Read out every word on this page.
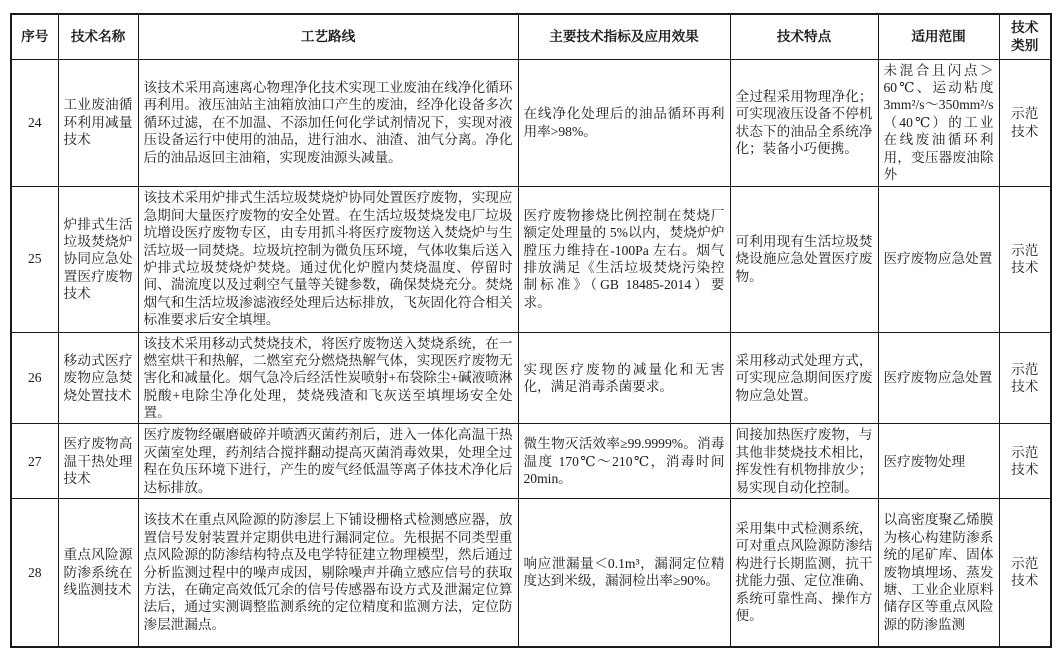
序号	技术名称	工艺路线	主要技术指标及应用效果	技术特点	适用范围	技术类别
24	工业废油循环利用减量技术	该技术采用高速离心物理净化技术实现工业废油在线净化循环再利用。液压油站主油箱放油口产生的废油，经净化设备多次循环过滤，在不加温、不添加任何化学试剂情况下，实现对液压设备运行中使用的油品，进行油水、油渣、油气分离。净化后的油品返回主油箱，实现废油源头减量。	在线净化处理后的油品循环再利用率>98%。	全过程采用物理净化；可实现液压设备不停机状态下的油品全系统净化；装备小巧便携。	未混合且闪点＞60℃、运动粘度3mm²/s～350mm²/s（40℃）的工业在线废油循环利用，变压器废油除外	示范技术
25	炉排式生活垃圾焚烧炉协同应急处置医疗废物技术	该技术采用炉排式生活垃圾焚烧炉协同处置医疗废物，实现应急期间大量医疗废物的安全处置。在生活垃圾焚烧发电厂垃圾坑增设医疗废物专区，由专用抓斗将医疗废物送入焚烧炉与生活垃圾一同焚烧。垃圾坑控制为微负压环境，气体收集后送入炉排式垃圾焚烧炉焚烧。通过优化炉膛内焚烧温度、停留时间、湍流度以及过剩空气量等关键参数，确保焚烧充分。焚烧烟气和生活垃圾渗滤液经处理后达标排放，飞灰固化符合相关标准要求后安全填埋。	医疗废物掺烧比例控制在焚烧厂额定处理量的 5%以内，焚烧炉炉膛压力维持在-100Pa 左右。烟气排放满足《生活垃圾焚烧污染控制标准》（GB 18485-2014）要求。	可利用现有生活垃圾焚烧设施应急处置医疗废物。	医疗废物应急处置	示范技术
26	移动式医疗废物应急焚烧处置技术	该技术采用移动式焚烧技术，将医疗废物送入焚烧系统，在一燃室烘干和热解，二燃室充分燃烧热解气体，实现医疗废物无害化和减量化。烟气急冷后经活性炭喷射+布袋除尘+碱液喷淋脱酸+电除尘净化处理，焚烧残渣和飞灰送至填埋场安全处置。	实现医疗废物的减量化和无害化，满足消毒杀菌要求。	采用移动式处理方式，可实现应急期间医疗废物应急处置。	医疗废物应急处置	示范技术
27	医疗废物高温干热处理技术	医疗废物经碾磨破碎并喷洒灭菌药剂后，进入一体化高温干热灭菌室处理，药剂结合搅拌翻动提高灭菌消毒效果，处理全过程在负压环境下进行，产生的废气经低温等离子体技术净化后达标排放。	微生物灭活效率≥99.9999%。消毒温度 170℃～210℃，消毒时间 20min。	间接加热医疗废物，与其他非焚烧技术相比，挥发性有机物排放少；易实现自动化控制。	医疗废物处理	示范技术
28	重点风险源防渗系统在线监测技术	该技术在重点风险源的防渗层上下铺设栅格式检测感应器，放置信号发射装置并定期供电进行漏洞定位。先根据不同类型重点风险源的防渗结构特点及电学特征建立物理模型，然后通过分析监测过程中的噪声成因，剔除噪声并确立感应信号的获取方法，在确定高效低冗余的信号传感器布设方式及泄漏定位算法后，通过实测调整监测系统的定位精度和监测方法，定位防渗层泄漏点。	响应泄漏量＜0.1m³，漏洞定位精度达到米级，漏洞检出率≥90%。	采用集中式检测系统，可对重点风险源防渗结构进行长期监测，抗干扰能力强、定位准确、系统可靠性高、操作方便。	以高密度聚乙烯膜为核心构建防渗系统的尾矿库、固体废物填埋场、蒸发塘、工业企业原料储存区等重点风险源的防渗监测	示范技术
